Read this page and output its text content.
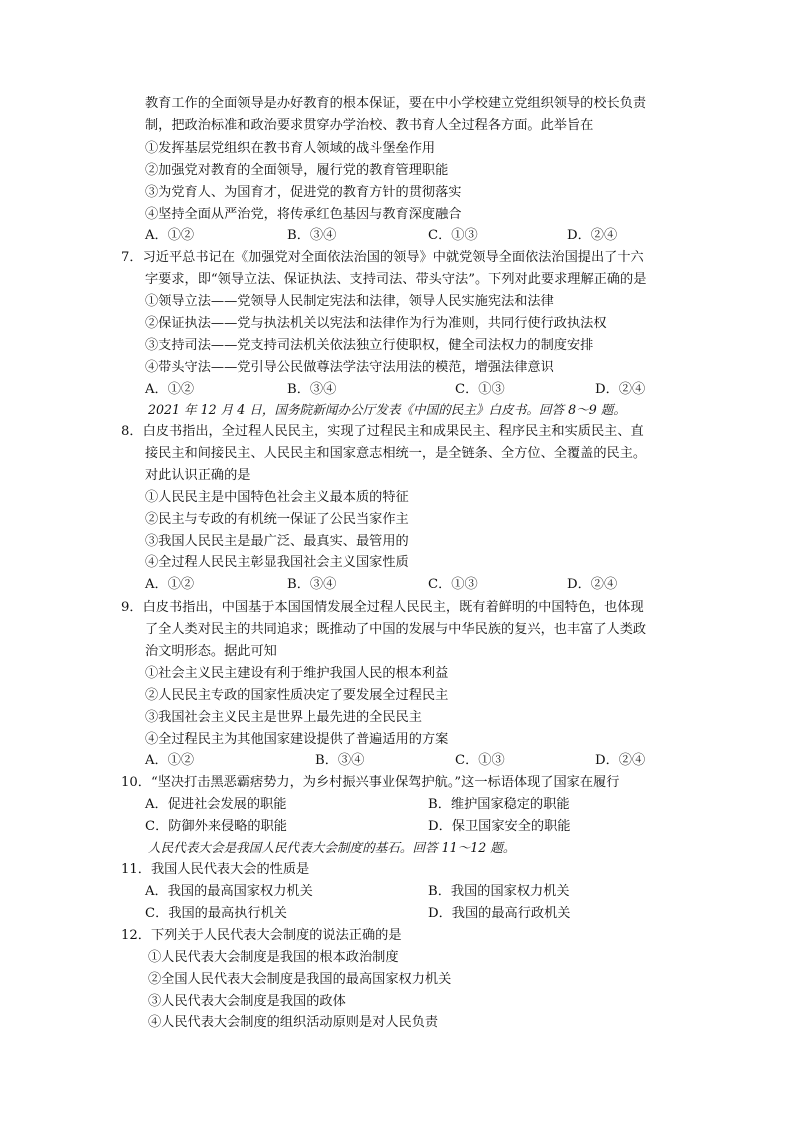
教育工作的全面领导是办好教育的根本保证，要在中小学校建立党组织领导的校长负责
制，把政治标准和政治要求贯穿办学治校、教书育人全过程各方面。此举旨在
①发挥基层党组织在教书育人领域的战斗堡垒作用
②加强党对教育的全面领导，履行党的教育管理职能
③为党育人、为国育才，促进党的教育方针的贯彻落实
④坚持全面从严治党，将传承红色基因与教育深度融合
A．①②	B．③④	C．①③	D．②④
7．习近平总书记在《加强党对全面依法治国的领导》中就党领导全面依法治国提出了十六
字要求，即“领导立法、保证执法、支持司法、带头守法”。下列对此要求理解正确的是
①领导立法——党领导人民制定宪法和法律，领导人民实施宪法和法律
②保证执法——党与执法机关以宪法和法律作为行为准则，共同行使行政执法权
③支持司法——党支持司法机关依法独立行使职权，健全司法权力的制度安排
④带头守法——党引导公民做尊法学法守法用法的模范，增强法律意识
A．①②	B．③④	C．①③	D．②④
2021 年 12 月 4 日，国务院新闻办公厅发表《中国的民主》白皮书。回答 8～9 题。
8．白皮书指出，全过程人民民主，实现了过程民主和成果民主、程序民主和实质民主、直
接民主和间接民主、人民民主和国家意志相统一，是全链条、全方位、全覆盖的民主。
对此认识正确的是
①人民民主是中国特色社会主义最本质的特征
②民主与专政的有机统一保证了公民当家作主
③我国人民民主是最广泛、最真实、最管用的
④全过程人民民主彰显我国社会主义国家性质
A．①②	B．③④	C．①③	D．②④
9．白皮书指出，中国基于本国国情发展全过程人民民主，既有着鲜明的中国特色，也体现
了全人类对民主的共同追求；既推动了中国的发展与中华民族的复兴，也丰富了人类政
治文明形态。据此可知
①社会主义民主建设有利于维护我国人民的根本利益
②人民民主专政的国家性质决定了要发展全过程民主
③我国社会主义民主是世界上最先进的全民民主
④全过程民主为其他国家建设提供了普遍适用的方案
A．①②	B．③④	C．①③	D．②④
10．“坚决打击黑恶霸痞势力，为乡村振兴事业保驾护航。”这一标语体现了国家在履行
A．促进社会发展的职能	B．维护国家稳定的职能
C．防御外来侵略的职能	D．保卫国家安全的职能
人民代表大会是我国人民代表大会制度的基石。回答 11～12 题。
11．我国人民代表大会的性质是
A．我国的最高国家权力机关	B．我国的国家权力机关
C．我国的最高执行机关	D．我国的最高行政机关
12．下列关于人民代表大会制度的说法正确的是
①人民代表大会制度是我国的根本政治制度
②全国人民代表大会制度是我国的最高国家权力机关
③人民代表大会制度是我国的政体
④人民代表大会制度的组织活动原则是对人民负责
